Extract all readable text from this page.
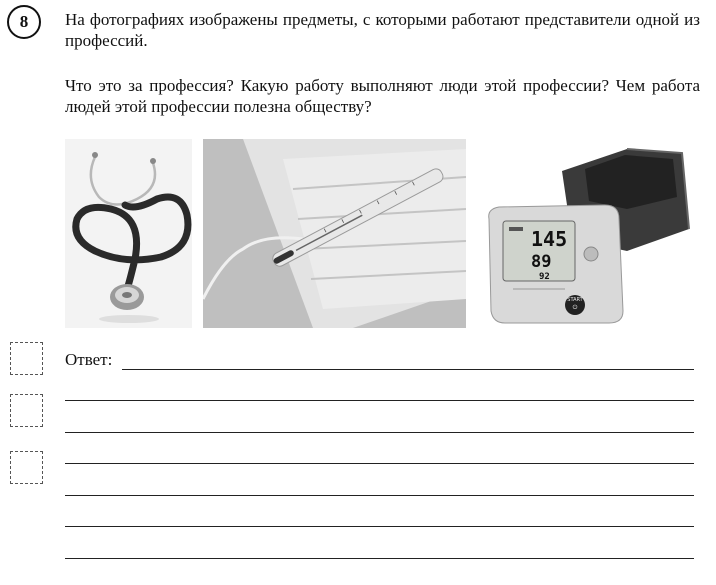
8	На фотографиях изображены предметы, с которыми работают представители одной из профессий.

Что это за профессия? Какую работу выполняют люди этой профессии? Чем работа людей этой профессии полезна обществу?

145
89
92
START
⏻
Ответ:
